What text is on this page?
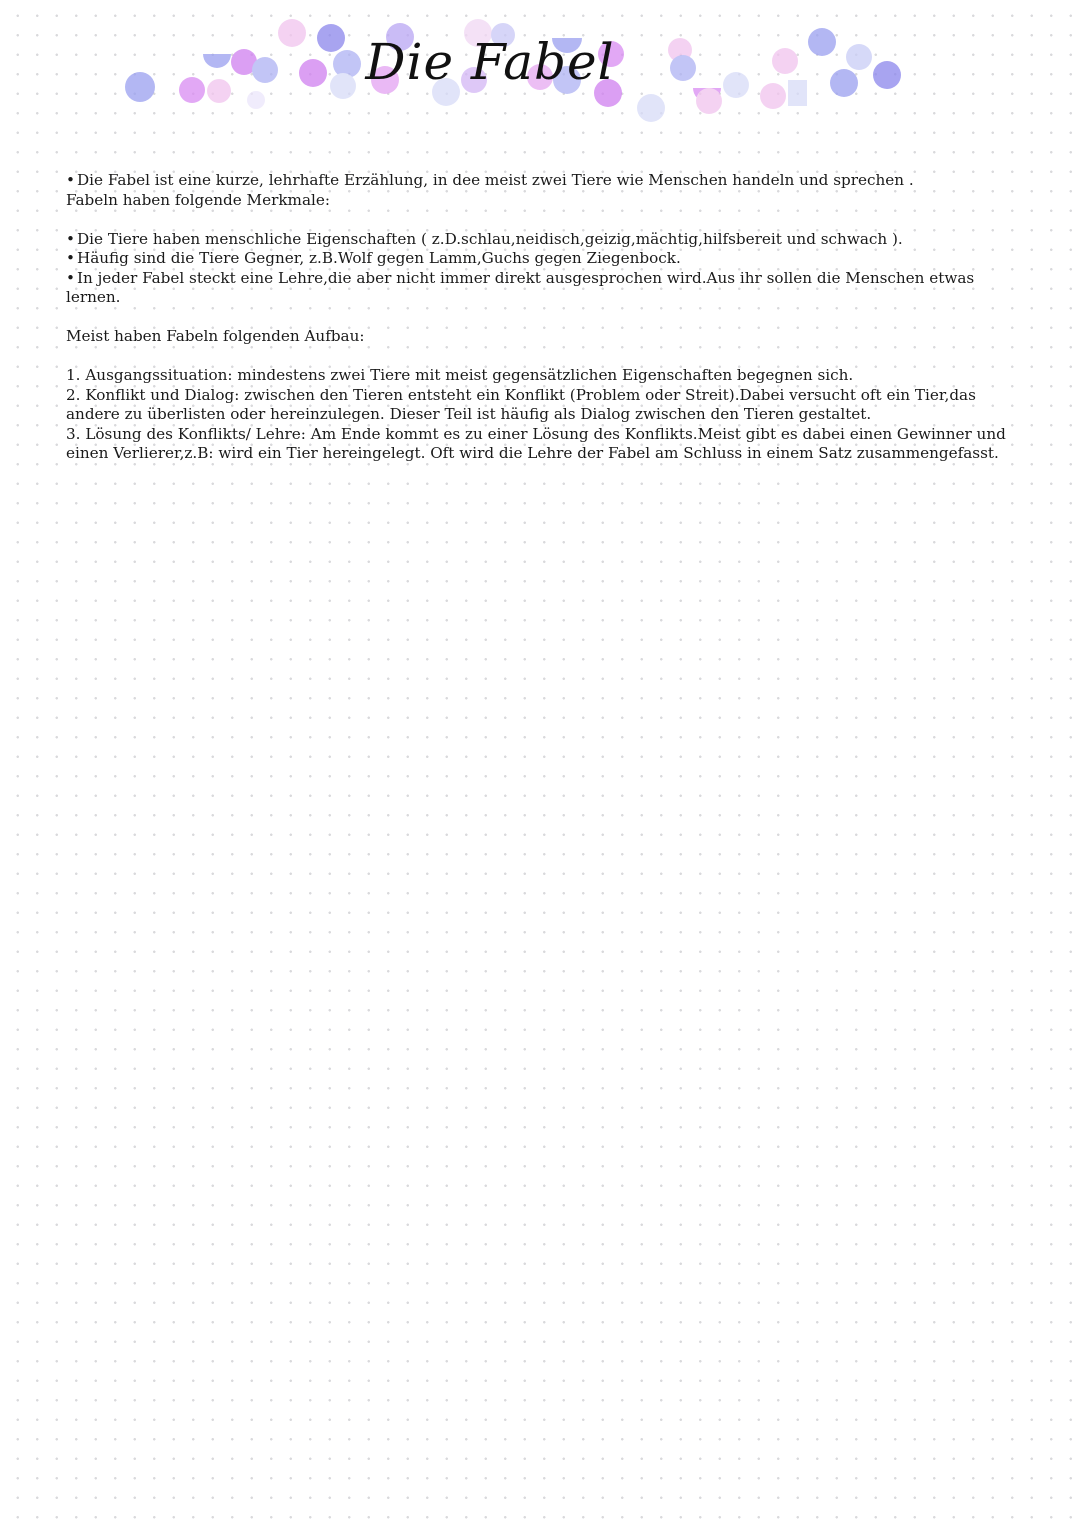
Die Fabel

• Die Fabel ist eine kurze, lehrhafte Erzählung, in dee meist zwei Tiere wie Menschen handeln und sprechen .

Fabeln haben folgende Merkmale:

• Die Tiere haben menschliche Eigenschaften ( z.D.schlau,neidisch,geizig,mächtig,hilfsbereit und schwach ).

• Häufig sind die Tiere Gegner, z.B.Wolf gegen Lamm,Guchs gegen Ziegenbock.

• In jeder Fabel steckt eine Lehre,die aber nicht immer direkt ausgesprochen wird.Aus ihr sollen die Menschen etwas lernen.

Meist haben Fabeln folgenden Aufbau:

1. Ausgangssituation: mindestens zwei Tiere mit meist gegensätzlichen Eigenschaften begegnen sich.

2. Konflikt und Dialog: zwischen den Tieren entsteht ein Konflikt (Problem oder Streit).Dabei versucht oft ein Tier,das andere zu überlisten oder hereinzulegen. Dieser Teil ist häufig als Dialog zwischen den Tieren gestaltet.

3. Lösung des Konflikts/ Lehre: Am Ende kommt es zu einer Lösung des Konflikts.Meist gibt es dabei einen Gewinner und einen Verlierer,z.B: wird ein Tier hereingelegt. Oft wird die Lehre der Fabel am Schluss in einem Satz zusammengefasst.
